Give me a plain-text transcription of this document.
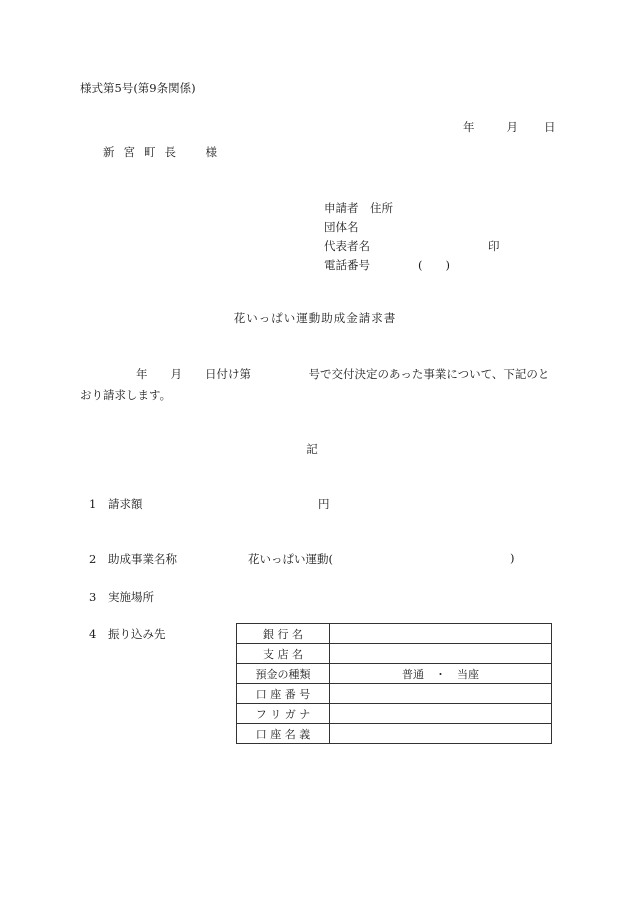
様式第5号(第9条関係)
年	月 日
新宮町長　様
申請者　住所
団体名
代表者名	印
電話番号	(　　)
花いっぱい運動助成金請求書
年　　月　　日付け第　　　　　号で交付決定のあった事業について、下記のとおり請求します。
記
1 請求額	円
2 助成事業名称	花いっぱい運動(	)
3 実施場所
4 振り込み先	銀 行 名	
支 店 名	
預金の種類	普通　・　当座
口 座 番 号	
フ リ ガ ナ	
口 座 名 義	
